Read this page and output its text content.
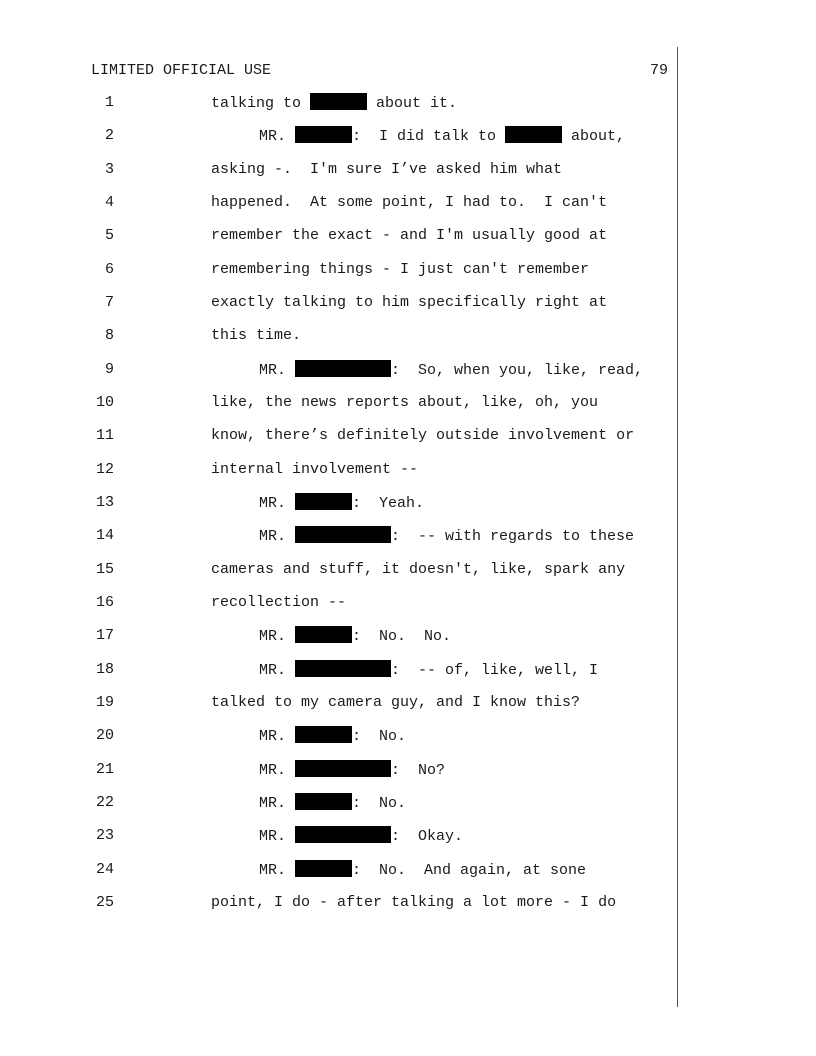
LIMITED OFFICIAL USE	79
1	talking to	about it.
2	MR.	:  I did talk to	about,
3	asking -.  I'm sure I’ve asked him what
4	happened.  At some point, I had to.  I can't
5	remember the exact - and I'm usually good at
6	remembering things - I just can't remember
7	exactly talking to him specifically right at
8	this time.
9	MR.	:  So, when you, like, read,
10	like, the news reports about, like, oh, you
11	know, there’s definitely outside involvement or
12	internal involvement --
13	MR.	:  Yeah.
14	MR.	:  -- with regards to these
15	cameras and stuff, it doesn't, like, spark any
16	recollection --
17	MR.	:  No.  No.
18	MR.	:  -- of, like, well, I
19	talked to my camera guy, and I know this?
20	MR.	:  No.
21	MR.	:  No?
22	MR.	:  No.
23	MR.	:  Okay.
24	MR.	:  No.  And again, at sone
25	point, I do - after talking a lot more - I do
